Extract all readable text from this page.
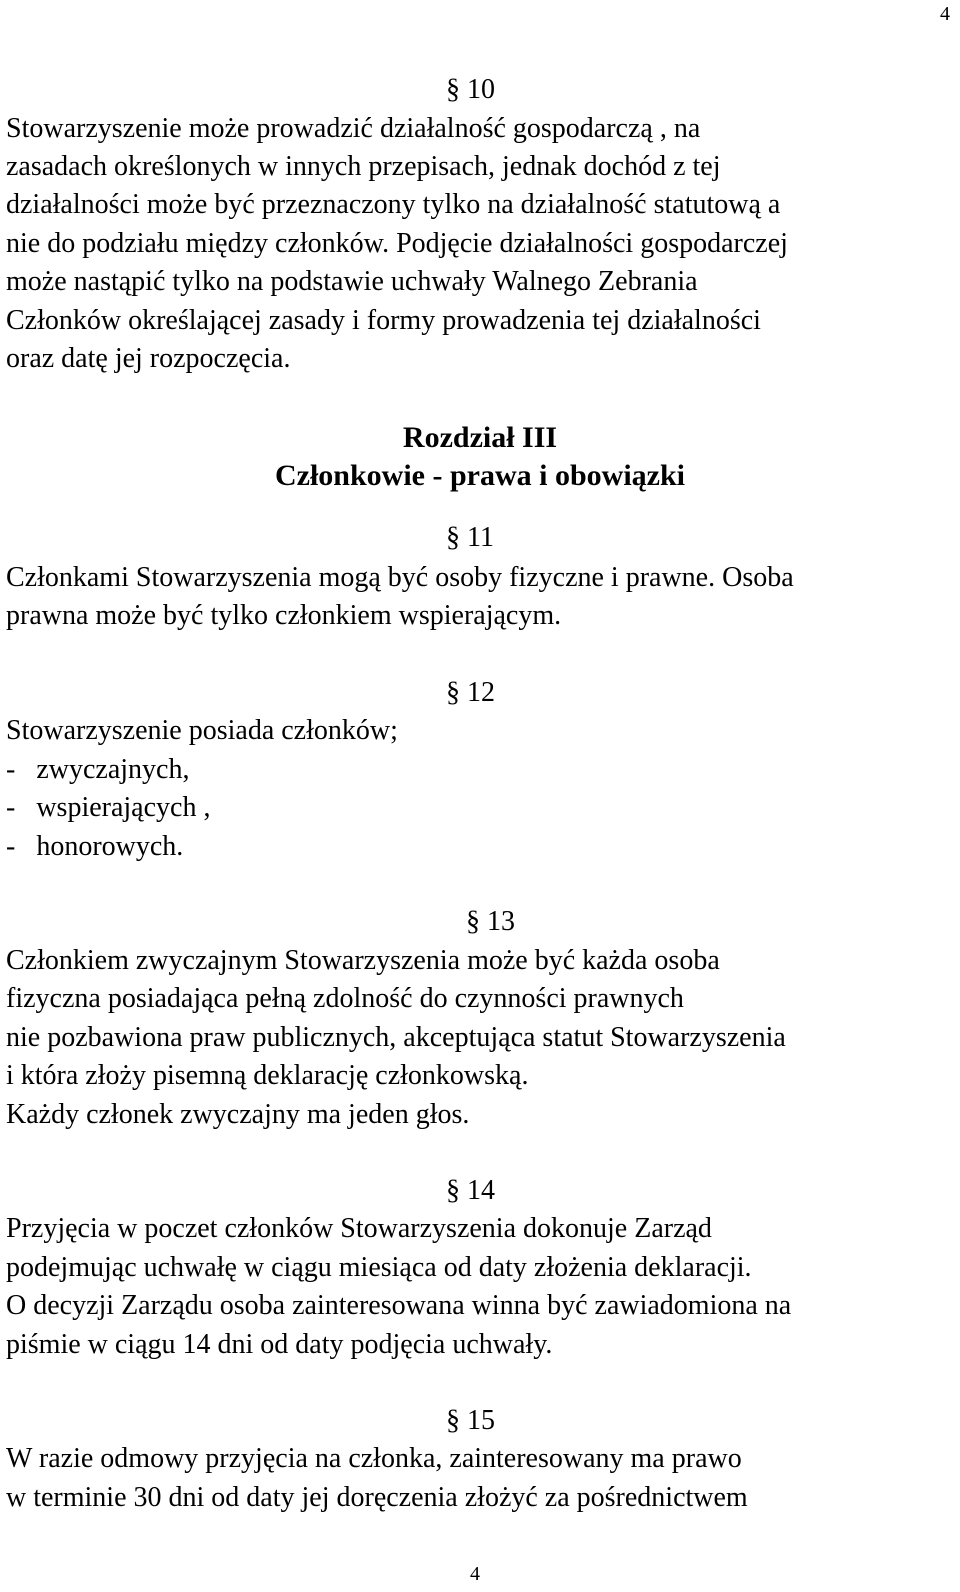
4
§ 10
Stowarzyszenie może prowadzić działalność gospodarczą , na
zasadach określonych w innych przepisach, jednak dochód z tej
działalności może być przeznaczony tylko na działalność statutową a
nie do podziału między członków. Podjęcie działalności gospodarczej
może nastąpić tylko na podstawie uchwały Walnego Zebrania
Członków określającej zasady i formy prowadzenia tej działalności
oraz datę jej rozpoczęcia.
Rozdział III
Członkowie - prawa i obowiązki
§ 11
Członkami Stowarzyszenia mogą być osoby fizyczne i prawne. Osoba
prawna może być tylko członkiem wspierającym.
§ 12
Stowarzyszenie posiada członków;
-   zwyczajnych,
-   wspierających ,
-   honorowych.
§ 13
Członkiem zwyczajnym Stowarzyszenia może być każda osoba
fizyczna posiadająca pełną zdolność do czynności prawnych
nie pozbawiona praw publicznych, akceptująca statut Stowarzyszenia
i która złoży pisemną deklarację członkowską.
Każdy członek zwyczajny ma jeden głos.
§ 14
Przyjęcia w poczet członków Stowarzyszenia dokonuje Zarząd
podejmując uchwałę w ciągu miesiąca od daty złożenia deklaracji.
O decyzji Zarządu osoba zainteresowana winna być zawiadomiona na
piśmie w ciągu 14 dni od daty podjęcia uchwały.
§ 15
W razie odmowy przyjęcia na członka, zainteresowany ma prawo
w terminie 30 dni od daty jej doręczenia złożyć za pośrednictwem
4
